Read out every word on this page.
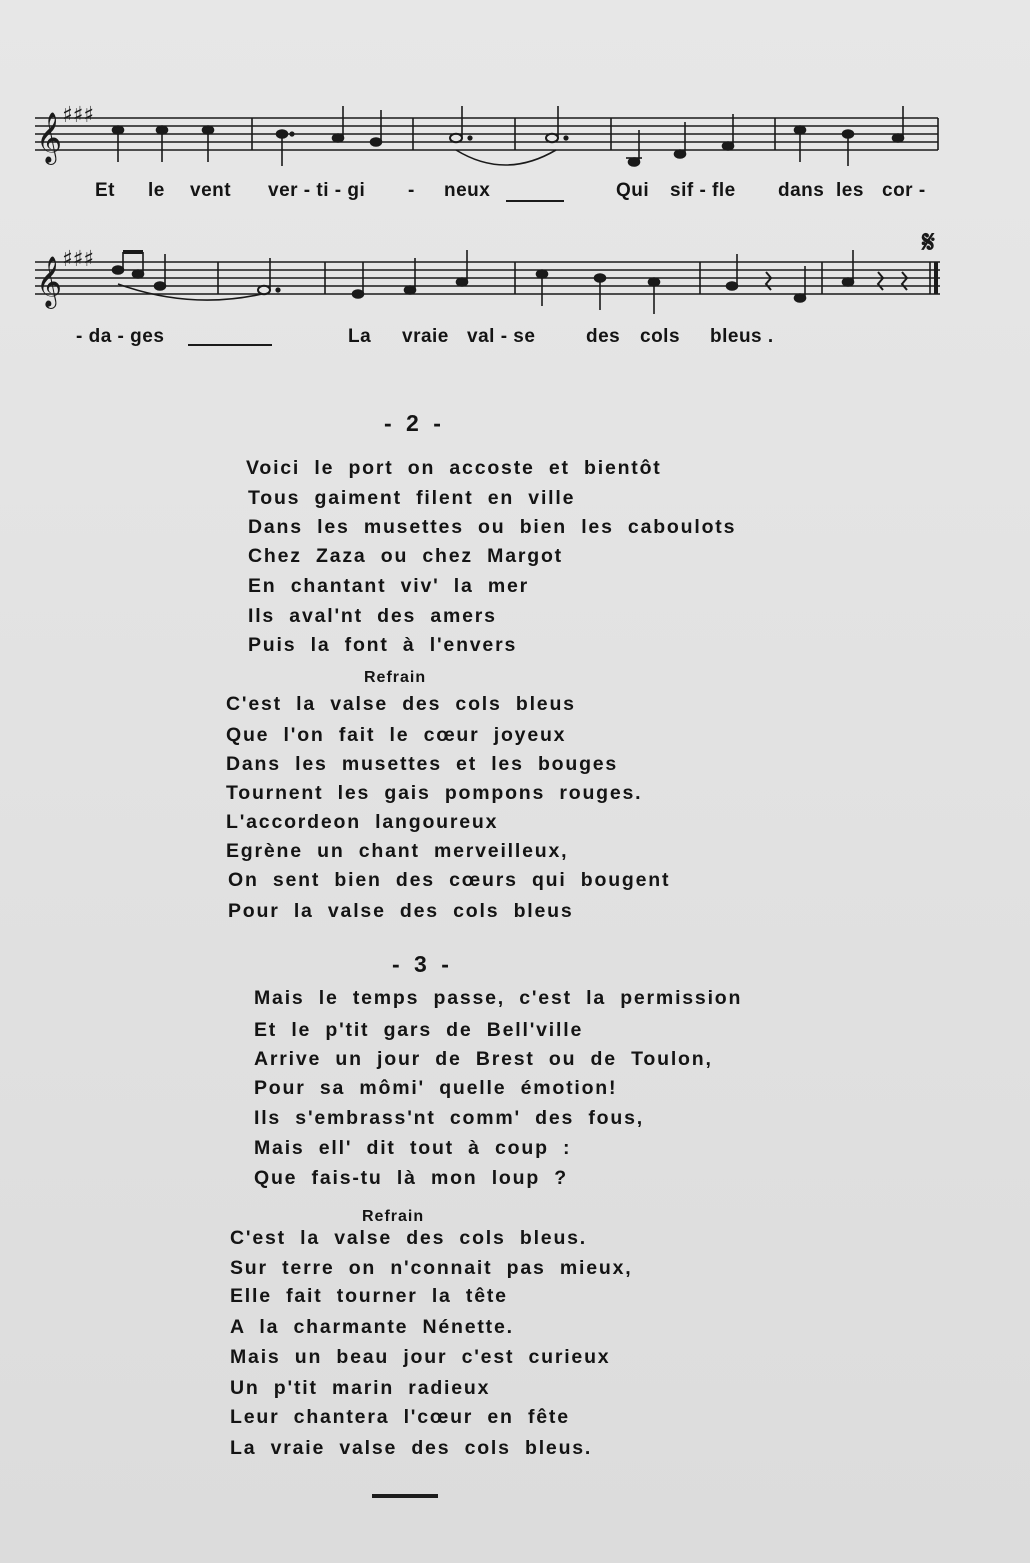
𝄞 ♯♯♯
𝄞 ♯♯♯	𝄋
Et le vent ver - ti - gi - neux	Qui sif - fle dans les cor -
- da - ges	La vraie val - se	des cols bleus .
- 2 -
Voici le port on accoste et bientôt
Tous gaiment filent en ville
Dans les musettes ou bien les caboulots
Chez Zaza ou chez Margot
En chantant viv' la mer
Ils aval'nt des amers
Puis la font à l'envers
Refrain
C'est la valse des cols bleus
Que l'on fait le cœur joyeux
Dans les musettes et les bouges
Tournent les gais pompons rouges.
L'accordeon langoureux
Egrène un chant merveilleux,
On sent bien des cœurs qui bougent
Pour la valse des cols bleus
- 3 -
Mais le temps passe, c'est la permission
Et le p'tit gars de Bell'ville
Arrive un jour de Brest ou de Toulon,
Pour sa mômi' quelle émotion!
Ils s'embrass'nt comm' des fous,
Mais ell' dit tout à coup :
Que fais-tu là mon loup ?
Refrain
C'est la valse des cols bleus.
Sur terre on n'connait pas mieux,
Elle fait tourner la tête
A la charmante Nénette.
Mais un beau jour c'est curieux
Un p'tit marin radieux
Leur chantera l'cœur en fête
La vraie valse des cols bleus.
